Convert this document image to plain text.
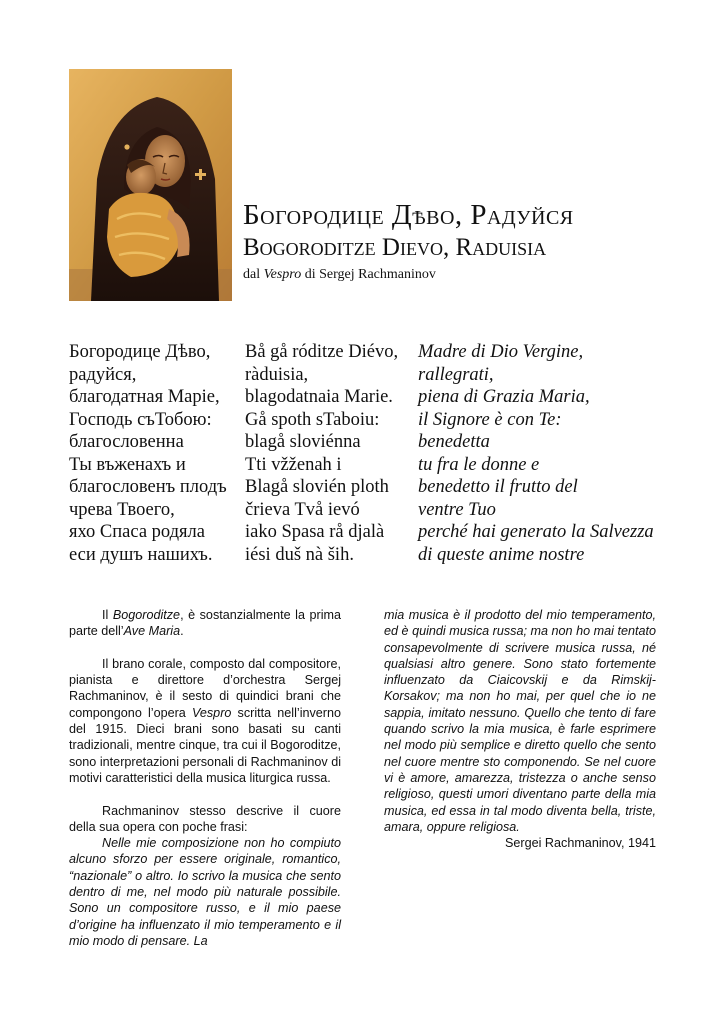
Богородице Дѣво, Радуйся
Bogoroditze Dievo, Raduisia
dal Vespro di Sergej Rachmaninov
Богородице Дѣво,
радуйся,
благодатная Маріе,
Господь съТобою:
благословенна
Ты въженахъ и
благословенъ плодъ
чрева Твоего,
яхо Спаса родяла
еси душъ нашихъ.
Bå gå róditze Diévo,
ràduisia,
blagodatnaia Marie.
Gå spoth sTaboiu:
blagå sloviénna
Tti vžženah i
Blagå slovién ploth
črieva Två ievó
iako Spasa rå djalà
iési duš nà ših.
Madre di Dio Vergine,
rallegrati,
piena di Grazia Maria,
il Signore è con Te:
benedetta
tu fra le donne e
benedetto il frutto del
ventre Tuo
perché hai generato la Salvezza
di queste anime nostre

Il Bogoroditze, è sostanzialmente la prima parte dell’Ave Maria.

Il brano corale, composto dal compositore, pianista e direttore d’orchestra Sergej Rachmaninov, è il sesto di quindici brani che compongono l’opera Vespro scritta nell’inverno del 1915. Dieci brani sono basati su canti tradizionali, mentre cinque, tra cui il Bogoroditze, sono interpretazioni personali di Rachmaninov di motivi caratteristici della musica liturgica russa.

Rachmaninov stesso descrive il cuore della sua opera con poche frasi:

Nelle mie composizione non ho compiuto alcuno sforzo per essere originale, romantico, “nazionale” o altro. Io scrivo la musica che sento dentro di me, nel modo più naturale possibile. Sono un compositore russo, e il mio paese d’origine ha influenzato il mio temperamento e il mio modo di pensare. La

mia musica è il prodotto del mio temperamento, ed è quindi musica russa; ma non ho mai tentato consapevolmente di scrivere musica russa, né qualsiasi altro genere. Sono stato fortemente influenzato da Ciaicovskij e da Rimskij-Korsakov; ma non ho mai, per quel che io ne sappia, imitato nessuno. Quello che tento di fare quando scrivo la mia musica, è farle esprimere nel modo più semplice e diretto quello che sento nel cuore mentre sto componendo. Se nel cuore vi è amore, amarezza, tristezza o anche senso religioso, questi umori diventano parte della mia musica, ed essa in tal modo diventa bella, triste, amara, oppure religiosa.

Sergei Rachmaninov, 1941
